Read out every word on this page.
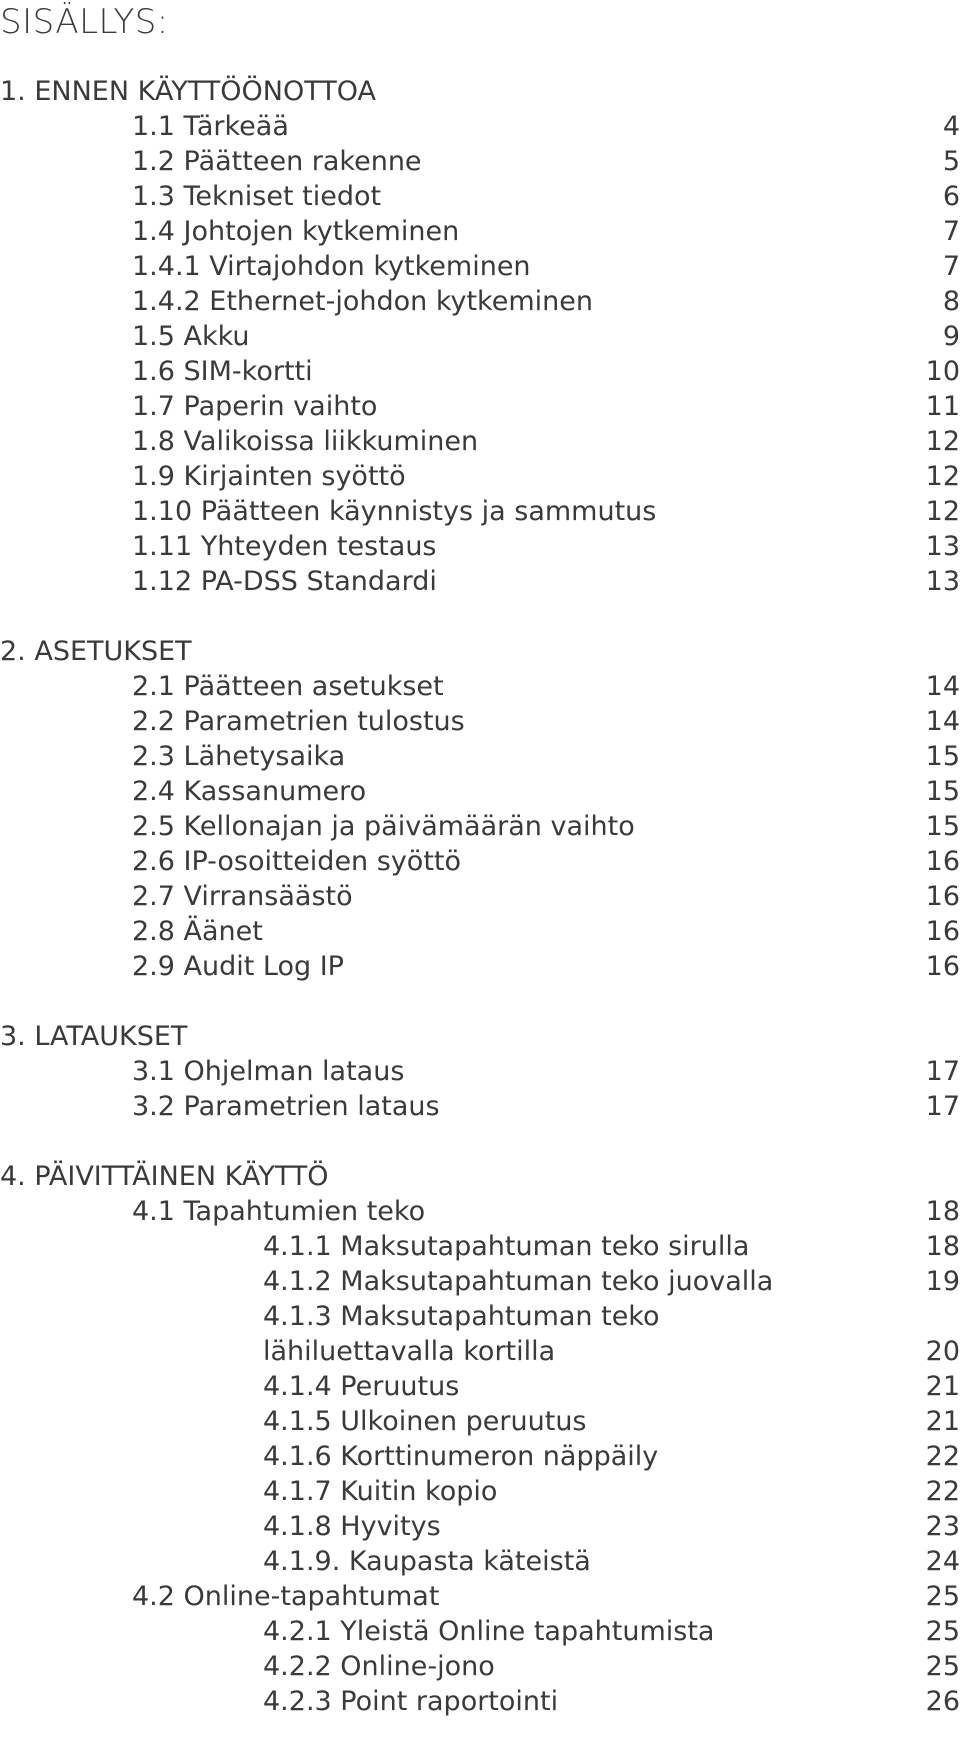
SISÄLLYS:
1. ENNEN KÄYTTÖÖNOTTOA
1.1 Tärkeää	4
1.2 Päätteen rakenne	5
1.3 Tekniset tiedot	6
1.4 Johtojen kytkeminen	7
1.4.1 Virtajohdon kytkeminen	7
1.4.2 Ethernet-johdon kytkeminen	8
1.5 Akku	9
1.6 SIM-kortti	10
1.7 Paperin vaihto	11
1.8 Valikoissa liikkuminen	12
1.9 Kirjainten syöttö	12
1.10 Päätteen käynnistys ja sammutus	12
1.11 Yhteyden testaus	13
1.12 PA-DSS Standardi	13
2. ASETUKSET
2.1 Päätteen asetukset	14
2.2 Parametrien tulostus	14
2.3 Lähetysaika	15
2.4 Kassanumero	15
2.5 Kellonajan ja päivämäärän vaihto	15
2.6 IP-osoitteiden syöttö	16
2.7 Virransäästö	16
2.8 Äänet	16
2.9 Audit Log IP	16
3. LATAUKSET
3.1 Ohjelman lataus	17
3.2 Parametrien lataus	17
4. PÄIVITTÄINEN KÄYTTÖ
4.1 Tapahtumien teko	18
4.1.1 Maksutapahtuman teko sirulla	18
4.1.2 Maksutapahtuman teko juovalla	19
4.1.3 Maksutapahtuman teko
lähiluettavalla kortilla	20
4.1.4 Peruutus	21
4.1.5 Ulkoinen peruutus	21
4.1.6 Korttinumeron näppäily	22
4.1.7 Kuitin kopio	22
4.1.8 Hyvitys	23
4.1.9. Kaupasta käteistä	24
4.2 Online-tapahtumat	25
4.2.1 Yleistä Online tapahtumista	25
4.2.2 Online-jono	25
4.2.3 Point raportointi	26
